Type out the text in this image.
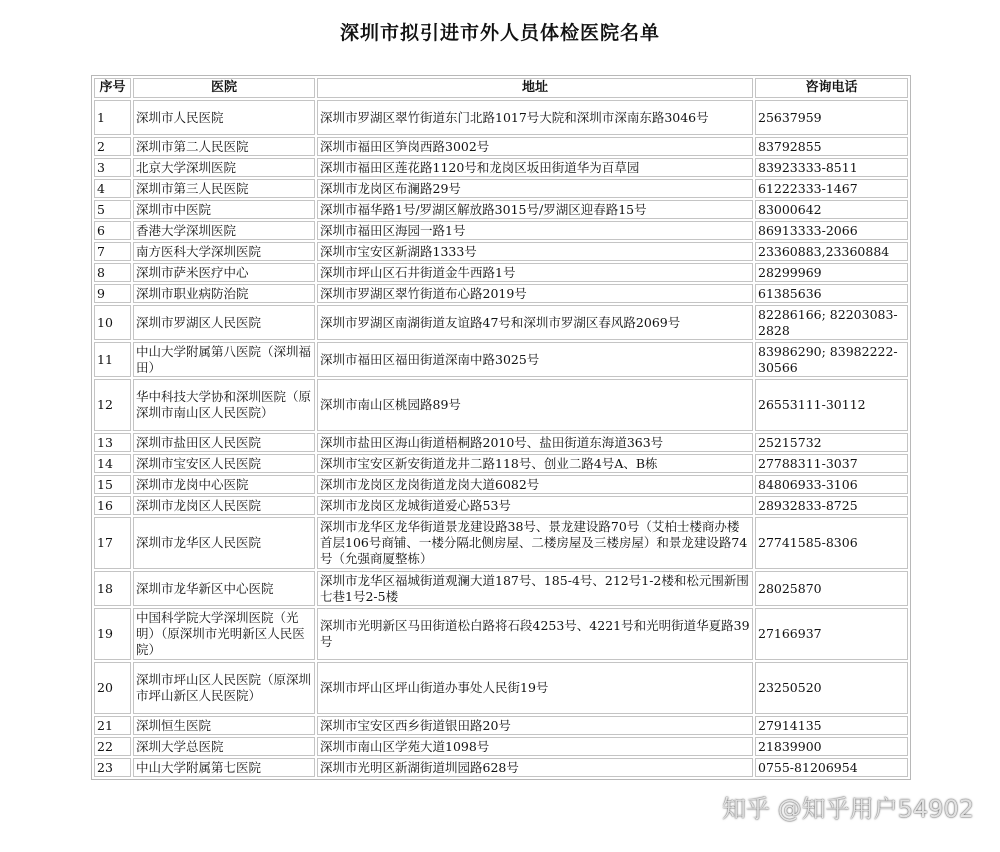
深圳市拟引进市外人员体检医院名单
序号	医院	地址	咨询电话
1	深圳市人民医院	深圳市罗湖区翠竹街道东门北路1017号大院和深圳市深南东路3046号	25637959
2	深圳市第二人民医院	深圳市福田区笋岗西路3002号	83792855
3	北京大学深圳医院	深圳市福田区莲花路1120号和龙岗区坂田街道华为百草园	83923333-8511
4	深圳市第三人民医院	深圳市龙岗区布澜路29号	61222333-1467
5	深圳市中医院	深圳市福华路1号/罗湖区解放路3015号/罗湖区迎春路15号	83000642
6	香港大学深圳医院	深圳市福田区海园一路1号	86913333-2066
7	南方医科大学深圳医院	深圳市宝安区新湖路1333号	23360883,23360884
8	深圳市萨米医疗中心	深圳市坪山区石井街道金牛西路1号	28299969
9	深圳市职业病防治院	深圳市罗湖区翠竹街道布心路2019号	61385636
10	深圳市罗湖区人民医院	深圳市罗湖区南湖街道友谊路47号和深圳市罗湖区春风路2069号	82286166; 82203083-2828
11	中山大学附属第八医院（深圳福田）	深圳市福田区福田街道深南中路3025号	83986290; 83982222-30566
12	华中科技大学协和深圳医院（原深圳市南山区人民医院）	深圳市南山区桃园路89号	26553111-30112
13	深圳市盐田区人民医院	深圳市盐田区海山街道梧桐路2010号、盐田街道东海道363号	25215732
14	深圳市宝安区人民医院	深圳市宝安区新安街道龙井二路118号、创业二路4号A、B栋	27788311-3037
15	深圳市龙岗中心医院	深圳市龙岗区龙岗街道龙岗大道6082号	84806933-3106
16	深圳市龙岗区人民医院	深圳市龙岗区龙城街道爱心路53号	28932833-8725
17	深圳市龙华区人民医院	深圳市龙华区龙华街道景龙建设路38号、景龙建设路70号（艾柏士楼商办楼首层106号商铺、一楼分隔北侧房屋、二楼房屋及三楼房屋）和景龙建设路74号（允强商厦整栋）	27741585-8306
18	深圳市龙华新区中心医院	深圳市龙华区福城街道观澜大道187号、185-4号、212号1-2楼和松元围新围七巷1号2-5楼	28025870
19	中国科学院大学深圳医院（光明）（原深圳市光明新区人民医院）	深圳市光明新区马田街道松白路将石段4253号、4221号和光明街道华夏路39号	27166937
20	深圳市坪山区人民医院（原深圳市坪山新区人民医院）	深圳市坪山区坪山街道办事处人民街19号	23250520
21	深圳恒生医院	深圳市宝安区西乡街道银田路20号	27914135
22	深圳大学总医院	深圳市南山区学苑大道1098号	21839900
23	中山大学附属第七医院	深圳市光明区新湖街道圳园路628号	0755-81206954
知乎 @知乎用户54902
